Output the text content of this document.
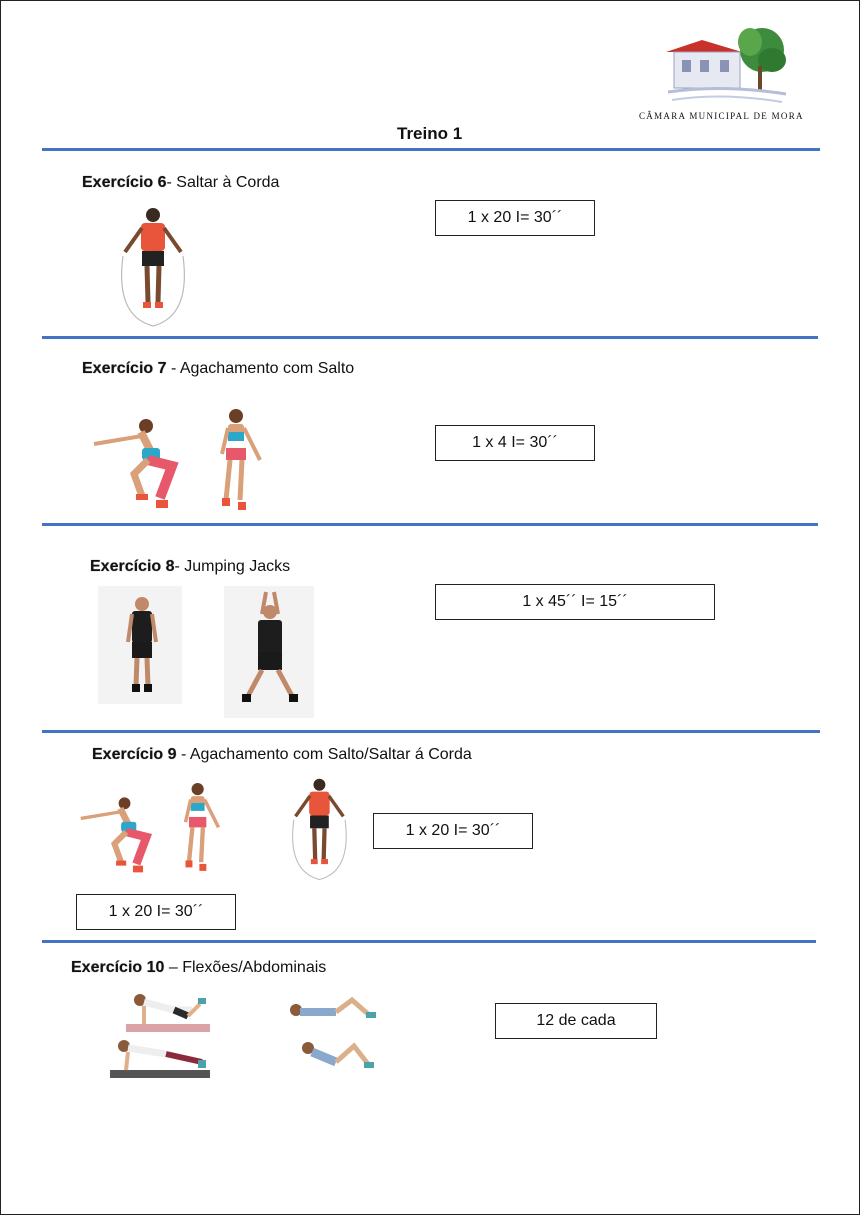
CÂMARA MUNICIPAL DE MORA
Treino 1
Exercício 6- Saltar à Corda
1 x 20 I= 30´´
Exercício 7 - Agachamento com Salto
1 x 4 I= 30´´
Exercício 8- Jumping Jacks
1 x 45´´ I= 15´´
Exercício 9 - Agachamento com Salto/Saltar á Corda
1 x 20 I= 30´´
1 x 20 I= 30´´
Exercício 10 – Flexões/Abdominais
12 de cada
